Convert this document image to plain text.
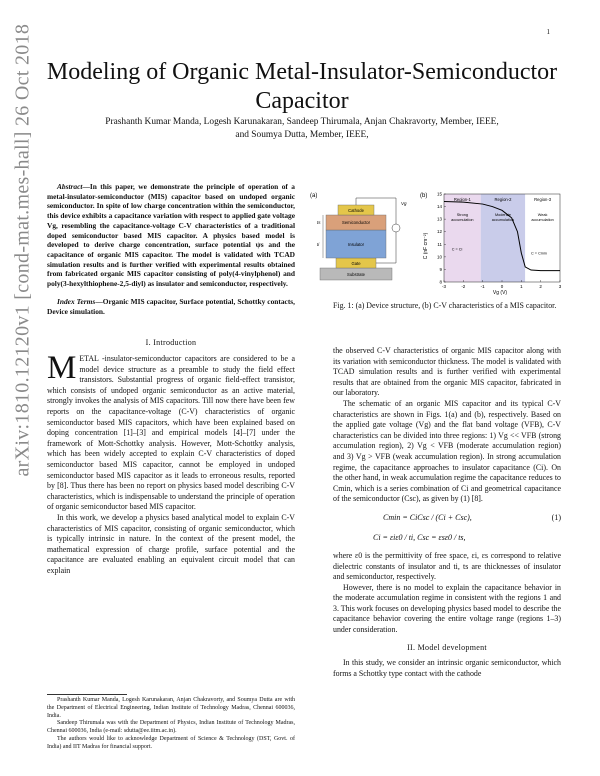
1
arXiv:1810.12120v1 [cond-mat.mes-hall] 26 Oct 2018 Modeling of Organic Metal-Insulator-Semiconductor Capacitor
Prashanth Kumar Manda, Logesh Karunakaran, Sandeep Thirumala, Anjan Chakravorty, Member, IEEE,
and Soumya Dutta, Member, IEEE,

Abstract—In this paper, we demonstrate the principle of operation of a metal-insulator-semiconductor (MIS) capacitor based on undoped organic semiconductor. In spite of low charge concentration within the semiconductor, this device exhibits a capacitance variation with respect to applied gate voltage Vg, resembling the capacitance-voltage C-V characteristics of a traditional doped semiconductor based MIS capacitor. A physics based model is developed to derive charge concentration, surface potential ψs and the capacitance of organic MIS capacitor. The model is validated with TCAD simulation results and is further verified with experimental results obtained from fabricated organic MIS capacitor consisting of poly(4-vinylphenol) and poly(3-hexylthiophene-2,5-diyl) as insulator and semiconductor, respectively.

Index Terms—Organic MIS capacitor, Surface potential, Schottky contacts, Device simulation.

I. Introduction

METAL -insulator-semiconductor capacitors are considered to be a model device structure as a preamble to study the field effect transistors. Substantial progress of organic field-effect transistor, which consists of undoped organic semiconductor as an active material, strongly invokes the analysis of MIS capacitors. Till now there have been few reports on the capacitance-voltage (C-V) characteristics of organic semiconductor based MIS capacitors, which have been explained based on doping concentration [1]–[3] and empirical models [4]–[7] under the framework of Mott-Schottky analysis. However, Mott-Schottky analysis, which has been widely accepted to explain C-V characteristics of doped semiconductor based MIS capacitor, cannot be employed in undoped semiconductor based MIS capacitor as it leads to erroneous results, reported by [8]. Thus there has been no report on physics based model describing C-V characteristics, which is indispensable to understand the principle of operation of organic semiconductor based MIS capacitor.

In this work, we develop a physics based analytical model to explain C-V characteristics of MIS capacitor, consisting of organic semiconductor, which is typically intrinsic in nature. In the context of the present model, the mathematical expression of charge profile, surface potential and the capacitance are evaluated enabling an equivalent circuit model that can explain

Prashanth Kumar Manda, Logesh Karunakaran, Anjan Chakravorty, and Soumya Dutta are with the Department of Electrical Engineering, Indian Institute of Technology Madras, Chennai 600036, India.

Sandeep Thirumala was with the Department of Physics, Indian Institute of Technology Madras, Chennai 600036, India (e-mail: sdutta@ee.iitm.ac.in).

The authors would like to acknowledge Department of Science & Technology (DST, Govt. of India) and IIT Madras for financial support.

(a)
Substrate
Gate
Insulator
Semiconductor
Cathode
ts
ti
Vg
(b)
Region-1
Strong
accumulation
Region-2
Moderate
accumulation
Region-3
Weak
accumulation
-3	-2	-1	0	1	2	3
8
9
10
11
12
13
14
15
C = Ci
C = Cmin
C (nF cm⁻²)
Vg (V)
Fig. 1: (a) Device structure, (b) C-V characteristics of a MIS capacitor.

the observed C-V characteristics of organic MIS capacitor along with its variation with semiconductor thickness. The model is validated with TCAD simulation results and is further verified with experimental results that are obtained from the organic MIS capacitor, fabricated in our laboratory.

The schematic of an organic MIS capacitor and its typical C-V characteristics are shown in Figs. 1(a) and (b), respectively. Based on the applied gate voltage (Vg) and the flat band voltage (VFB), C-V characteristics can be divided into three regions: 1) Vg << VFB (strong accumulation region), 2) Vg < VFB (moderate accumulation region) and 3) Vg > VFB (weak accumulation region). In strong accumulation regime, the capacitance approaches to insulator capacitance (Ci). On the other hand, in weak accumulation regime the capacitance reduces to Cmin, which is a series combination of Ci and geometrical capacitance of the semiconductor (Csc), as given by (1) [8].

Cmin = CiCsc / (Ci + Csc),	(1)
Ci = εiε0 / ti, Csc = εsε0 / ts,

where ε0 is the permittivity of free space, εi, εs correspond to relative dielectric constants of insulator and ti, ts are thicknesses of insulator and semiconductor, respectively.

However, there is no model to explain the capacitance behavior in the moderate accumulation regime in consistent with the regions 1 and 3. This work focuses on developing physics based model to describe the capacitance behavior covering the entire voltage range (regions 1–3) under consideration.

II. Model development

In this study, we consider an intrinsic organic semiconductor, which forms a Schottky type contact with the cathode
